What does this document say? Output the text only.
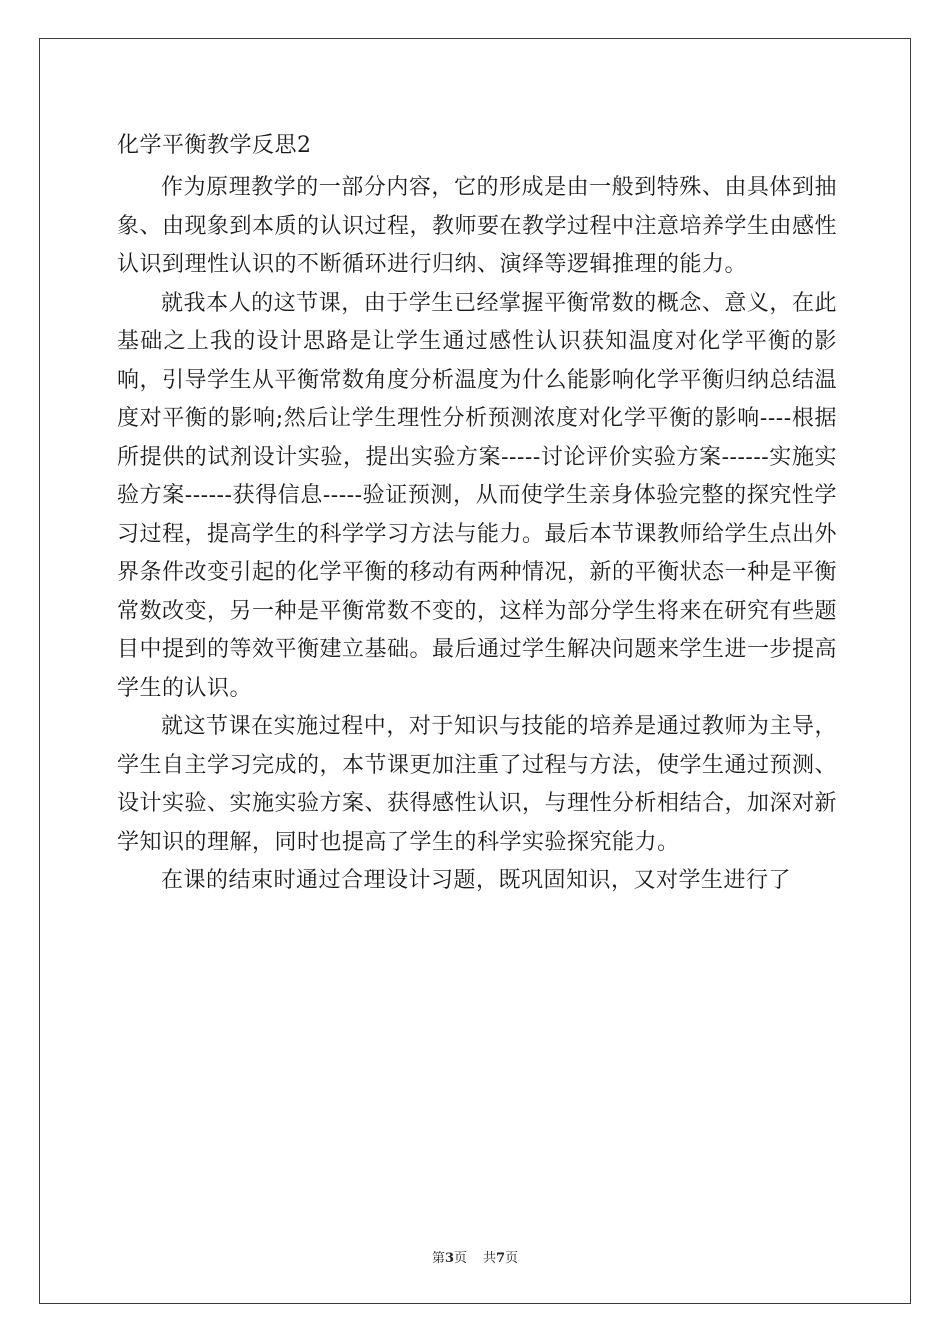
化学平衡教学反思2

作为原理教学的一部分内容，它的形成是由一般到特殊、由具体到抽象、由现象到本质的认识过程，教师要在教学过程中注意培养学生由感性认识到理性认识的不断循环进行归纳、演绎等逻辑推理的能力。

就我本人的这节课，由于学生已经掌握平衡常数的概念、意义，在此基础之上我的设计思路是让学生通过感性认识获知温度对化学平衡的影响，引导学生从平衡常数角度分析温度为什么能影响化学平衡归纳总结温度对平衡的影响;然后让学生理性分析预测浓度对化学平衡的影响----根据所提供的试剂设计实验，提出实验方案-----讨论评价实验方案------实施实验方案------获得信息-----验证预测，从而使学生亲身体验完整的探究性学习过程，提高学生的科学学习方法与能力。最后本节课教师给学生点出外界条件改变引起的化学平衡的移动有两种情况，新的平衡状态一种是平衡常数改变，另一种是平衡常数不变的，这样为部分学生将来在研究有些题目中提到的等效平衡建立基础。最后通过学生解决问题来学生进一步提高学生的认识。

就这节课在实施过程中，对于知识与技能的培养是通过教师为主导，学生自主学习完成的，本节课更加注重了过程与方法，使学生通过预测、设计实验、实施实验方案、获得感性认识，与理性分析相结合，加深对新学知识的理解，同时也提高了学生的科学实验探究能力。

在课的结束时通过合理设计习题，既巩固知识，又对学生进行了

第3页 共7页
